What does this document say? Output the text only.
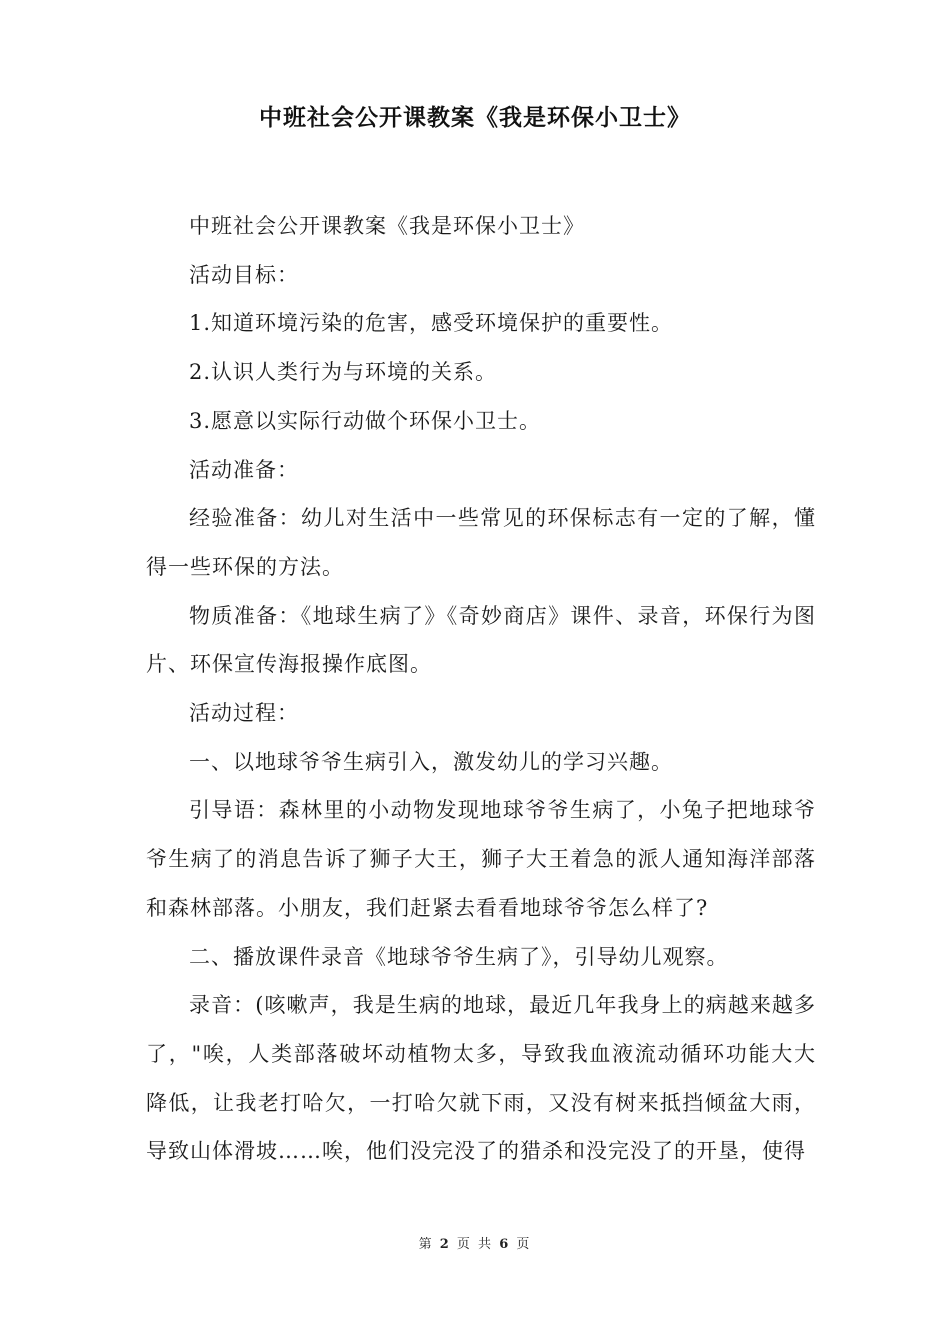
中班社会公开课教案《我是环保小卫士》

中班社会公开课教案《我是环保小卫士》

活动目标：

1.知道环境污染的危害，感受环境保护的重要性。

2.认识人类行为与环境的关系。

3.愿意以实际行动做个环保小卫士。

活动准备：

经验准备：幼儿对生活中一些常见的环保标志有一定的了解，懂得一些环保的方法。

物质准备：《地球生病了》《奇妙商店》课件、录音，环保行为图片、环保宣传海报操作底图。

活动过程：

一、以地球爷爷生病引入，激发幼儿的学习兴趣。

引导语：森林里的小动物发现地球爷爷生病了，小兔子把地球爷爷生病了的消息告诉了狮子大王，狮子大王着急的派人通知海洋部落和森林部落。小朋友，我们赶紧去看看地球爷爷怎么样了?

二、播放课件录音《地球爷爷生病了》，引导幼儿观察。

录音：(咳嗽声，我是生病的地球，最近几年我身上的病越来越多了，"唉，人类部落破坏动植物太多，导致我血液流动循环功能大大降低，让我老打哈欠，一打哈欠就下雨，又没有树来抵挡倾盆大雨，导致山体滑坡……唉，他们没完没了的猎杀和没完没了的开垦，使得

第 2 页 共 6 页
